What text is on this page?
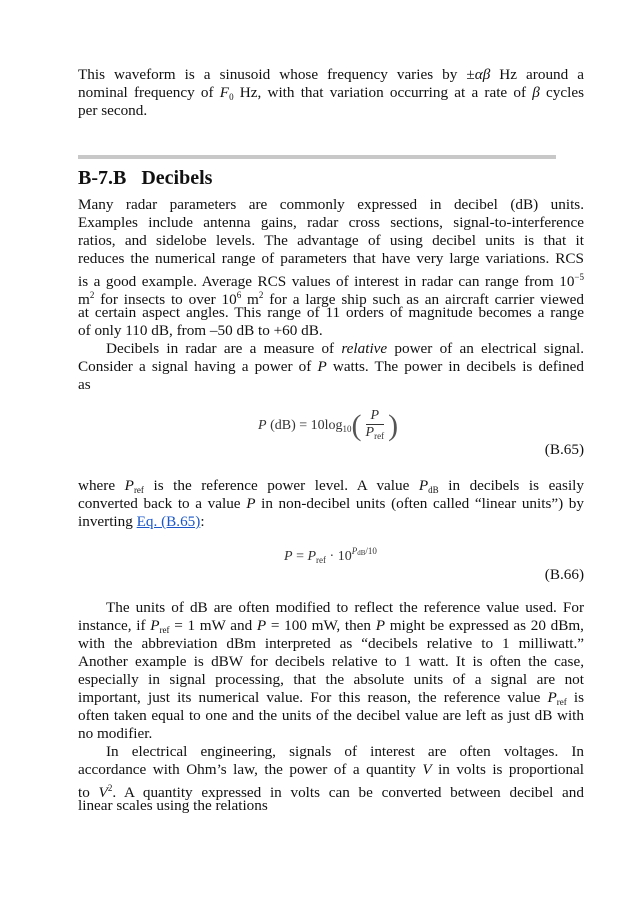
B-7.B   Decibels
P $(dB) = 10\log_{10}( \frac{P}{P_{ref}}$ )
(B.65)
$P = P_{ref} \cdot 10^{PdB/10}$
(B.66)
This waveform is a sinusoid whose frequency varies by ±αβ Hz around a
nominal frequency of $F_0$ Hz, with that variation occurring at a rate of β cycles
per second.
Many radar parameters are commonly expressed in decibel (dB) units.
Examples include antenna gains, radar cross sections, signal-to-interference
ratios, and sidelobe levels. The advantage of using decibel units is that it
reduces the numerical range of parameters that have very large variations. RCS
is a good example. Average RCS values of interest in radar can range from $10^{-5}$
$m^2$ for insects to over $10^6$ $m^2$ for a large ship such as an aircraft carrier viewed
at certain aspect angles. This range of 11 orders of magnitude becomes a range
of only 110 dB, from –50 dB to +60 dB.
Decibels in radar are a measure of relative power of an electrical signal.
Consider a signal having a power of P watts. The power in decibels is defined
as
where $P_{ref}$ is the reference power level. A value $P_{dB}$ in decibels is easily
converted back to a value P in non-decibel units (often called “linear units”) by
inverting Eq. (B.65):
The units of dB are often modified to reflect the reference value used. For
instance, if $P_{ref} = 1$ mW and P = 100 mW, then P might be expressed as 20 dBm,
with the abbreviation dBm interpreted as “decibels relative to 1 milliwatt.”
Another example is dBW for decibels relative to 1 watt. It is often the case,
especially in signal processing, that the absolute units of a signal are not
important, just its numerical value. For this reason, the reference value $P_{ref}$ is
often taken equal to one and the units of the decibel value are left as just dB with
no modifier.
In electrical engineering, signals of interest are often voltages. In
accordance with Ohm’s law, the power of a quantity V in volts is proportional
to $V^2$. A quantity expressed in volts can be converted between decibel and
linear scales using the relations
